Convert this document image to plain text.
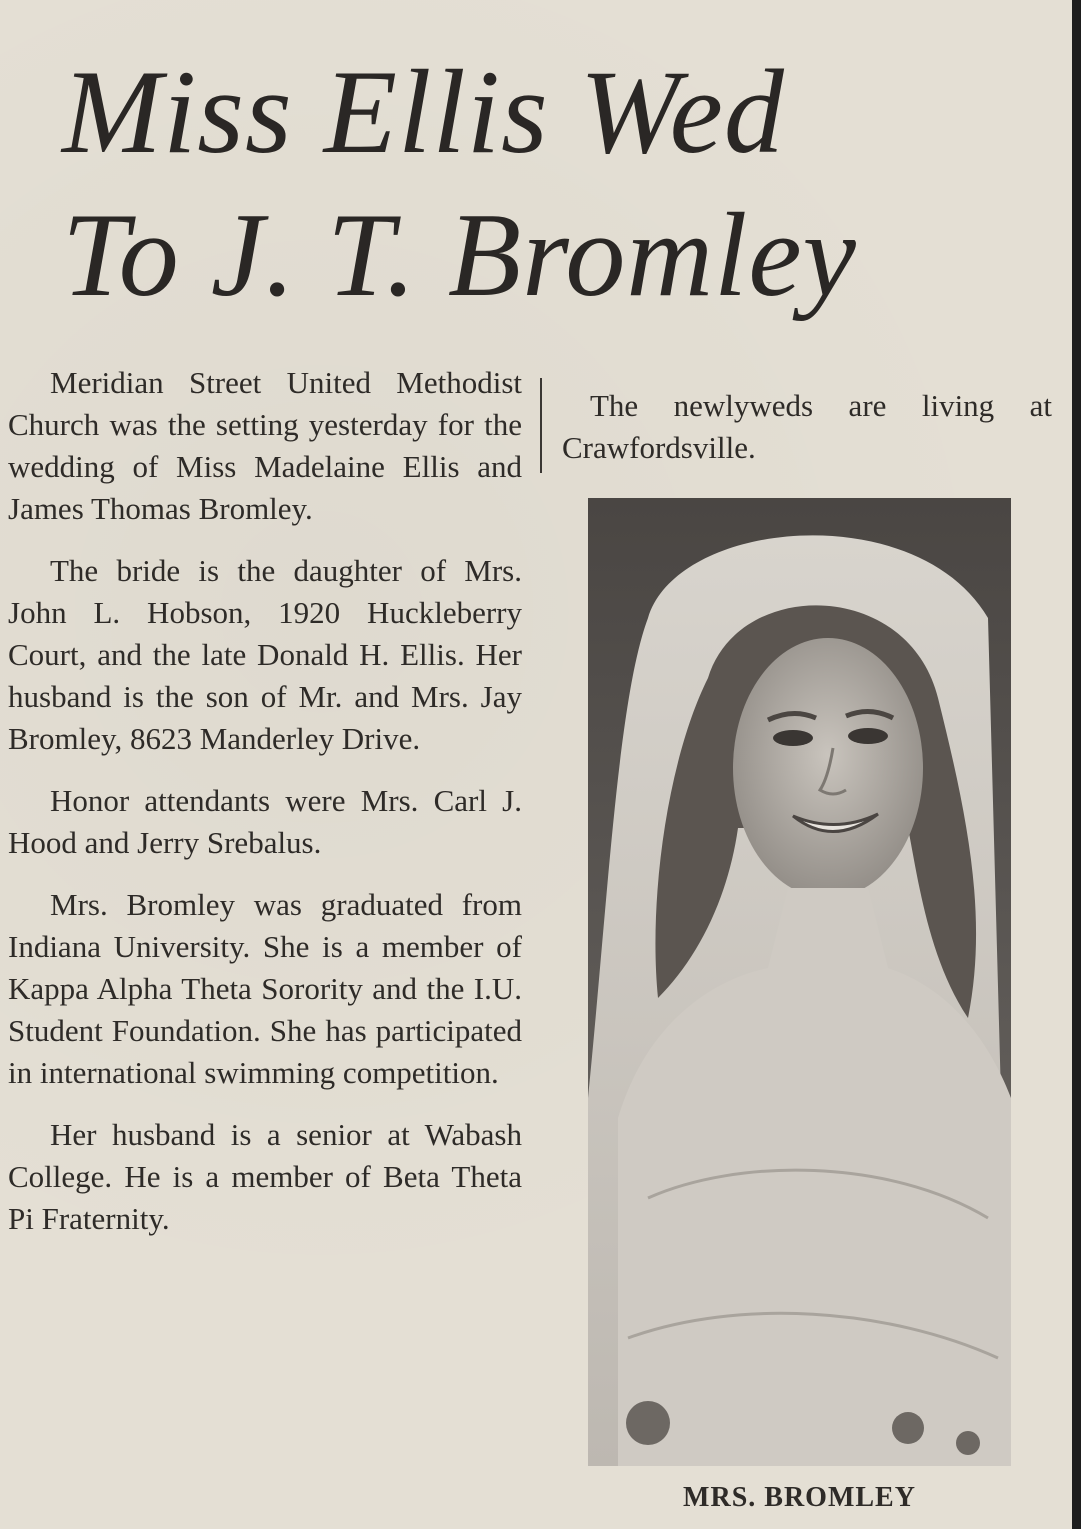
Miss Ellis Wed
To J. T. Bromley

Meridian Street United Methodist Church was the setting yesterday for the wedding of Miss Madelaine Ellis and James Thomas Bromley.

The bride is the daughter of Mrs. John L. Hobson, 1920 Huckleberry Court, and the late Donald H. Ellis. Her husband is the son of Mr. and Mrs. Jay Bromley, 8623 Manderley Drive.

Honor attendants were Mrs. Carl J. Hood and Jerry Srebalus.

Mrs. Bromley was graduated from Indiana University. She is a member of Kappa Alpha Theta Sorority and the I.U. Student Foundation. She has participated in international swimming competition.

Her husband is a senior at Wabash College. He is a member of Beta Theta Pi Fraternity.

The newlyweds are living at Crawfordsville.

MRS. BROMLEY
